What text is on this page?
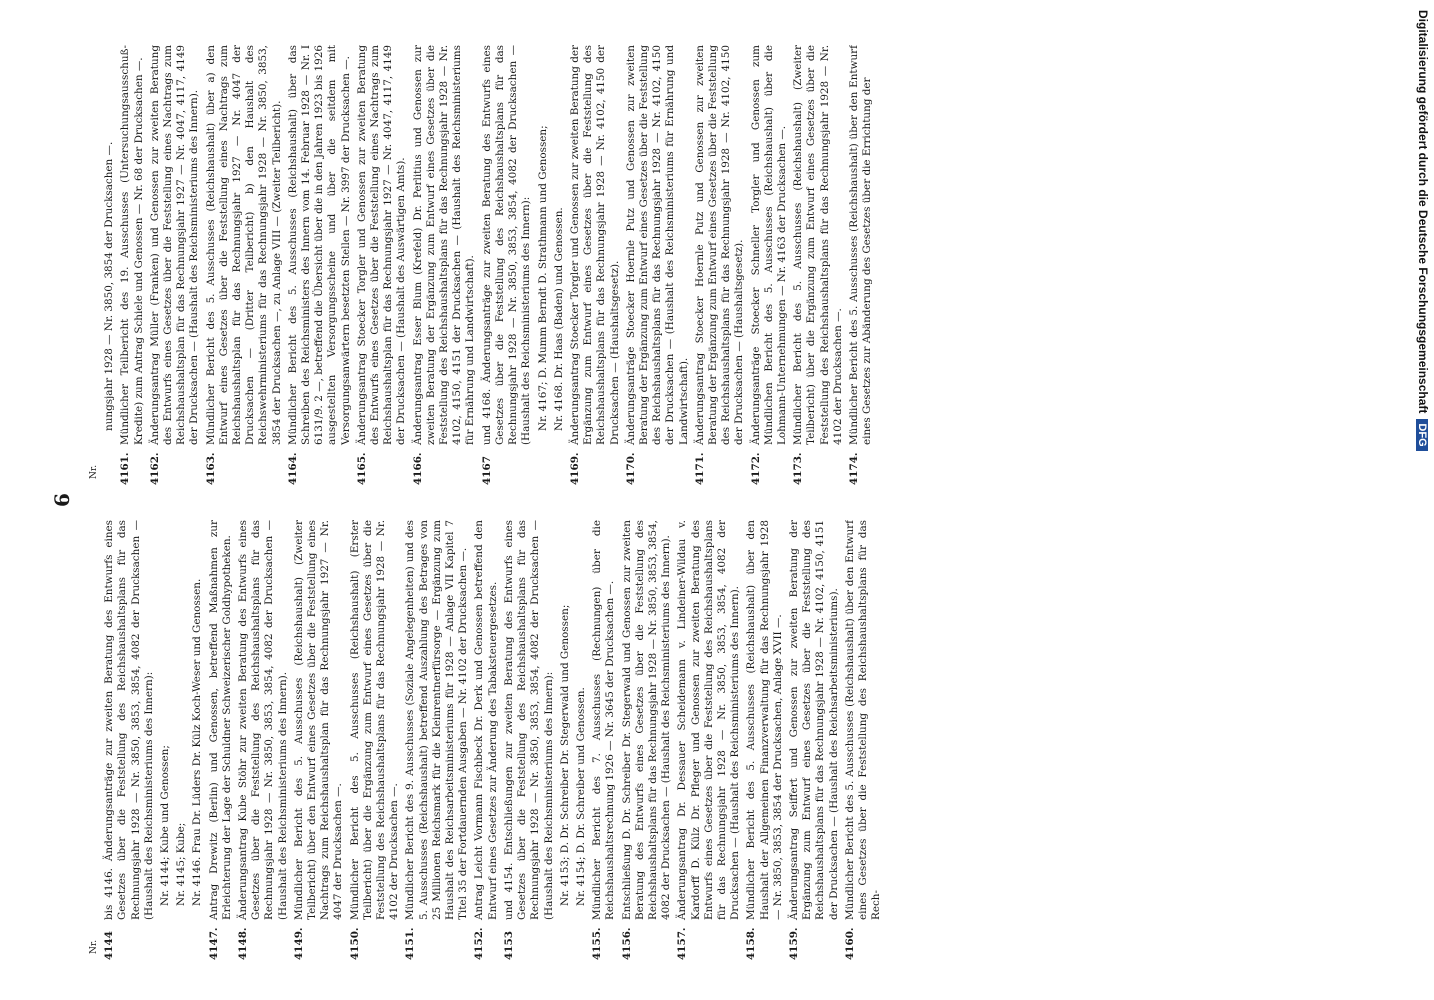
6
Nr. 4144
bis 4146. Änderungsanträge zur zweiten Beratung des Entwurfs eines Gesetzes über die Feststellung des Reichshaushaltsplans für das Rechnungsjahr 1928 — Nr. 3850, 3853, 3854, 4082 der Drucksachen — (Haushalt des Reichsministeriums des Innern): Nr. 4144; Kube und Genossen; Nr. 4145; Kube; Nr. 4146. Frau Dr. Lüders Dr. Külz Koch-Weser und Genossen.
4147.
Antrag Drewitz (Berlin) und Genossen, betreffend Maßnahmen zur Erleichterung der Lage der Schuldner Schweizerischer Goldhypotheken.
4148.
Änderungsantrag Kube Stöhr zur zweiten Beratung des Entwurfs eines Gesetzes über die Feststellung des Reichshaushaltsplans für das Rechnungsjahr 1928 — Nr. 3850, 3853, 3854, 4082 der Drucksachen — (Haushalt des Reichsministeriums des Innern).
4149.
Mündlicher Bericht des 5. Ausschusses (Reichshaushalt) (Zweiter Teilbericht) über den Entwurf eines Gesetzes über die Feststellung eines Nachtrags zum Reichshaushaltsplan für das Rechnungsjahr 1927 — Nr. 4047 der Drucksachen —.
4150.
Mündlicher Bericht des 5. Ausschusses (Reichshaushalt) (Erster Teilbericht) über die Ergänzung zum Entwurf eines Gesetzes über die Feststellung des Reichshaushaltsplans für das Rechnungsjahr 1928 — Nr. 4102 der Drucksachen —.
4151.
Mündlicher Bericht des 9. Ausschusses (Soziale Angelegenheiten) und des 5. Ausschusses (Reichshaushalt) betreffend Auszahlung des Betrages von 25 Millionen Reichsmark für die Kleinrentnerfürsorge — Ergänzung zum Haushalt des Reichsarbeitsministeriums für 1928 — Anlage VII Kapitel 7 Titel 35 der Fortdauernden Ausgaben — Nr. 4102 der Drucksachen —.
4152.
Antrag Leicht Vormann Fischbeck Dr. Derk und Genossen betreffend den Entwurf eines Gesetzes zur Änderung des Tabaksteuergesetzes.
4153
und 4154. Entschließungen zur zweiten Beratung des Entwurfs eines Gesetzes über die Feststellung des Reichshaushaltsplans für das Rechnungsjahr 1928 — Nr. 3850, 3853, 3854, 4082 der Drucksachen — (Haushalt des Reichsministeriums des Innern): Nr. 4153; D. Dr. Schreiber Dr. Stegerwald und Genossen; Nr. 4154; D. Dr. Schreiber und Genossen.
4155.
Mündlicher Bericht des 7. Ausschusses (Rechnungen) über die Reichshaushaltsrechnung 1926 — Nr. 3645 der Drucksachen —.
4156.
Entschließung D. Dr. Schreiber Dr. Stegerwald und Genossen zur zweiten Beratung des Entwurfs eines Gesetzes über die Feststellung des Reichshaushaltsplans für das Rechnungsjahr 1928 — Nr. 3850, 3853, 3854, 4082 der Drucksachen — (Haushalt des Reichsministeriums des Innern).
4157.
Änderungsantrag Dr. Dessauer Scheidemann v. Lindeiner-Wildau v. Kardorff D. Külz Dr. Pfleger und Genossen zur zweiten Beratung des Entwurfs eines Gesetzes über die Feststellung des Reichshaushaltsplans für das Rechnungsjahr 1928 — Nr. 3850, 3853, 3854, 4082 der Drucksachen — (Haushalt des Reichsministeriums des Innern).
4158.
Mündlicher Bericht des 5. Ausschusses (Reichshaushalt) über den Haushalt der Allgemeinen Finanzverwaltung für das Rechnungsjahr 1928 — Nr. 3850, 3853, 3854 der Drucksachen, Anlage XVII —.
4159.
Änderungsantrag Seiffert und Genossen zur zweiten Beratung der Ergänzung zum Entwurf eines Gesetzes über die Feststellung des Reichshaushaltsplans für das Rechnungsjahr 1928 — Nr. 4102, 4150, 4151 der Drucksachen — (Haushalt des Reichsarbeitsministeriums).
4160.
Mündlicher Bericht des 5. Ausschusses (Reichshaushalt) über den Entwurf eines Gesetzes über die Feststellung des Reichshaushaltsplans für das Rech-
Nr.
nungsjahr 1928 — Nr. 3850, 3854 der Drucksachen —.
4161.
Mündlicher Teilbericht des 19. Ausschusses (Untersuchungsausschuß-Kredite) zum Antrag Schiele und Genossen — Nr. 68 der Drucksachen —.
4162.
Änderungsantrag Müller (Franken) und Genossen zur zweiten Beratung des Entwurfs eines Gesetzes über die Feststellung eines Nachtrags zum Reichshaushaltsplan für das Rechnungsjahr 1927 — Nr. 4047, 4117, 4149 der Drucksachen — (Haushalt des Reichsministeriums des Innern).
4163.
Mündlicher Bericht des 5. Ausschusses (Reichshaushalt) über a) den Entwurf eines Gesetzes über die Feststellung eines Nachtrags zum Reichshaushaltsplan für das Rechnungsjahr 1927 — Nr. 4047 der Drucksachen — (Dritter Teilbericht) b) den Haushalt des Reichswehrministeriums für das Rechnungsjahr 1928 — Nr. 3850, 3853, 3854 der Drucksachen —, zu Anlage VIII — (Zweiter Teilbericht).
4164.
Mündlicher Bericht des 5. Ausschusses (Reichshaushalt) über das Schreiben des Reichsministers des Innern vom 14. Februar 1928 — Nr. I 6131/9. 2 —, betreffend die Übersicht über die in den Jahren 1923 bis 1926 ausgestellten Versorgungsscheine und über die seitdem mit Versorgungsanwärtern besetzten Stellen — Nr. 3997 der Drucksachen —.
4165.
Änderungsantrag Stoecker Torgler und Genossen zur zweiten Beratung des Entwurfs eines Gesetzes über die Feststellung eines Nachtrags zum Reichshaushaltsplan für das Rechnungsjahr 1927 — Nr. 4047, 4117, 4149 der Drucksachen — (Haushalt des Auswärtigen Amts).
4166.
Änderungsantrag Esser Blum (Krefeld) Dr. Perlitius und Genossen zur zweiten Beratung der Ergänzung zum Entwurf eines Gesetzes über die Feststellung des Reichshaushaltsplans für das Rechnungsjahr 1928 — Nr. 4102, 4150, 4151 der Drucksachen — (Haushalt des Reichsministeriums für Ernährung und Landwirtschaft).
4167
und 4168. Änderungsanträge zur zweiten Beratung des Entwurfs eines Gesetzes über die Feststellung des Reichshaushaltsplans für das Rechnungsjahr 1928 — Nr. 3850, 3853, 3854, 4082 der Drucksachen — (Haushalt des Reichsministeriums des Innern): Nr. 4167; D. Mumm Berndt D. Strathmann und Genossen; Nr. 4168. Dr. Haas (Baden) und Genossen.
4169.
Änderungsantrag Stoecker Torgler und Genossen zur zweiten Beratung der Ergänzung zum Entwurf eines Gesetzes über die Feststellung des Reichshaushaltsplans für das Rechnungsjahr 1928 — Nr. 4102, 4150 der Drucksachen — (Haushaltsgesetz).
4170.
Änderungsanträge Stoecker Hoernle Putz und Genossen zur zweiten Beratung der Ergänzung zum Entwurf eines Gesetzes über die Feststellung des Reichshaushaltsplans für das Rechnungsjahr 1928 — Nr. 4102, 4150 der Drucksachen — (Haushalt des Reichsministeriums für Ernährung und Landwirtschaft).
4171.
Änderungsantrag Stoecker Hoernle Putz und Genossen zur zweiten Beratung der Ergänzung zum Entwurf eines Gesetzes über die Feststellung des Reichshaushaltsplans für das Rechnungsjahr 1928 — Nr. 4102, 4150 der Drucksachen — (Haushaltsgesetz).
4172.
Änderungsanträge Stoecker Schneller Torgler und Genossen zum Mündlichen Bericht des 5. Ausschusses (Reichshaushalt) über die Lohmann-Unternehmungen — Nr. 4163 der Drucksachen —.
4173.
Mündlicher Bericht des 5. Ausschusses (Reichshaushalt) (Zweiter Teilbericht) über die Ergänzung zum Entwurf eines Gesetzes über die Feststellung des Reichshaushaltsplans für das Rechnungsjahr 1928 — Nr. 4102 der Drucksachen —.
4174.
Mündlicher Bericht des 5. Ausschusses (Reichshaushalt) über den Entwurf eines Gesetzes zur Abänderung des Gesetzes über die Errichtung der	Digitalisierung gefördert durch die Deutsche ForschungsgemeinschaftDFG
